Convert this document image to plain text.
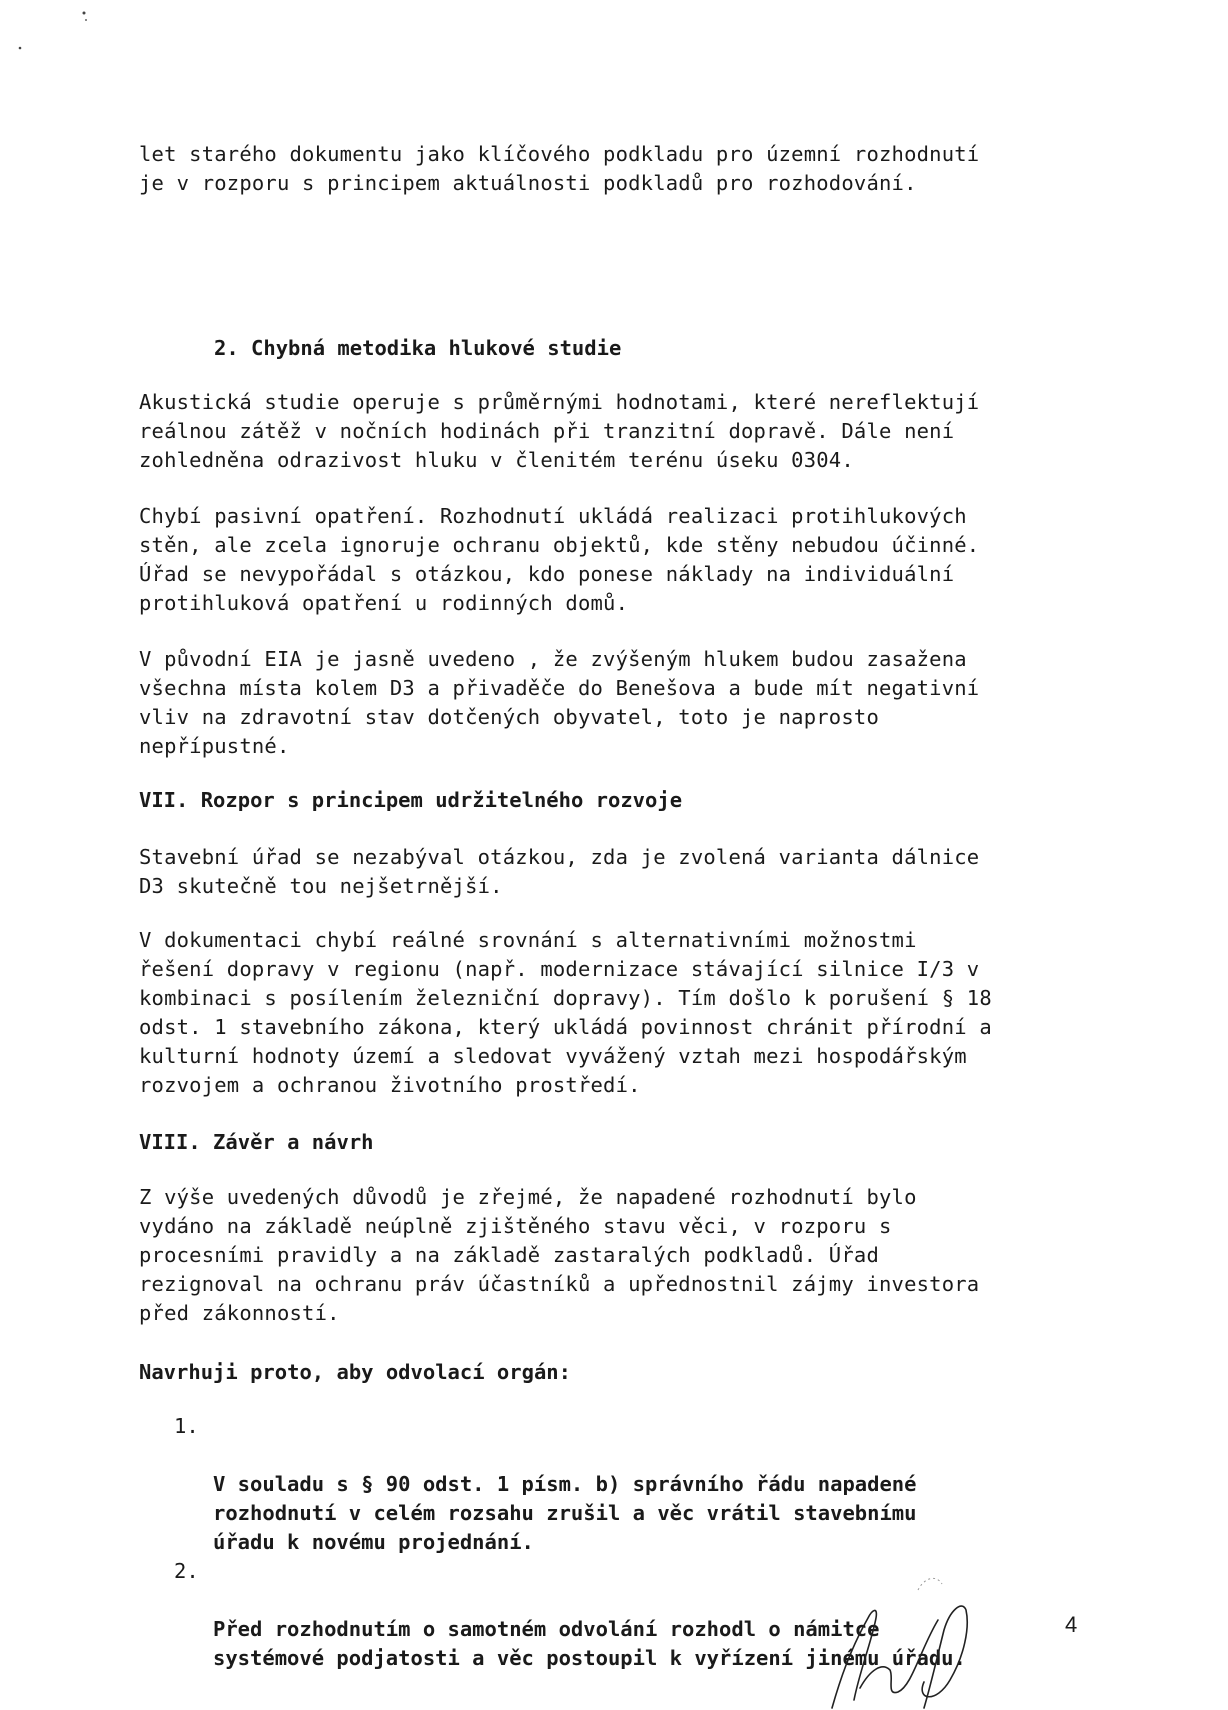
let starého dokumentu jako klíčového podkladu pro územní rozhodnutí
je v rozporu s principem aktuálnosti podkladů pro rozhodování.
2. Chybná metodika hlukové studie
Akustická studie operuje s průměrnými hodnotami, které nereflektují
reálnou zátěž v nočních hodinách při tranzitní dopravě. Dále není
zohledněna odrazivost hluku v členitém terénu úseku 0304.
Chybí pasivní opatření. Rozhodnutí ukládá realizaci protihlukových
stěn, ale zcela ignoruje ochranu objektů, kde stěny nebudou účinné.
Úřad se nevypořádal s otázkou, kdo ponese náklady na individuální
protihluková opatření u rodinných domů.
V původní EIA je jasně uvedeno , že zvýšeným hlukem budou zasažena
všechna místa kolem D3 a přivaděče do Benešova a bude mít negativní
vliv na zdravotní stav dotčených obyvatel, toto je naprosto
nepřípustné.
VII. Rozpor s principem udržitelného rozvoje
Stavební úřad se nezabýval otázkou, zda je zvolená varianta dálnice
D3 skutečně tou nejšetrnější.
V dokumentaci chybí reálné srovnání s alternativními možnostmi
řešení dopravy v regionu (např. modernizace stávající silnice I/3 v
kombinaci s posílením železniční dopravy). Tím došlo k porušení § 18
odst. 1 stavebního zákona, který ukládá povinnost chránit přírodní a
kulturní hodnoty území a sledovat vyvážený vztah mezi hospodářským
rozvojem a ochranou životního prostředí.
VIII. Závěr a návrh
Z výše uvedených důvodů je zřejmé, že napadené rozhodnutí bylo
vydáno na základě neúplně zjištěného stavu věci, v rozporu s
procesními pravidly a na základě zastaralých podkladů. Úřad
rezignoval na ochranu práv účastníků a upřednostnil zájmy investora
před zákonností.
Navrhuji proto, aby odvolací orgán:

1.

V souladu s § 90 odst. 1 písm. b) správního řádu napadené
rozhodnutí v celém rozsahu zrušil a věc vrátil stavebnímu
úřadu k novému projednání.

2.

Před rozhodnutím o samotném odvolání rozhodl o námitce
systémové podjatosti a věc postoupil k vyřízení jinému úřadu.

4
